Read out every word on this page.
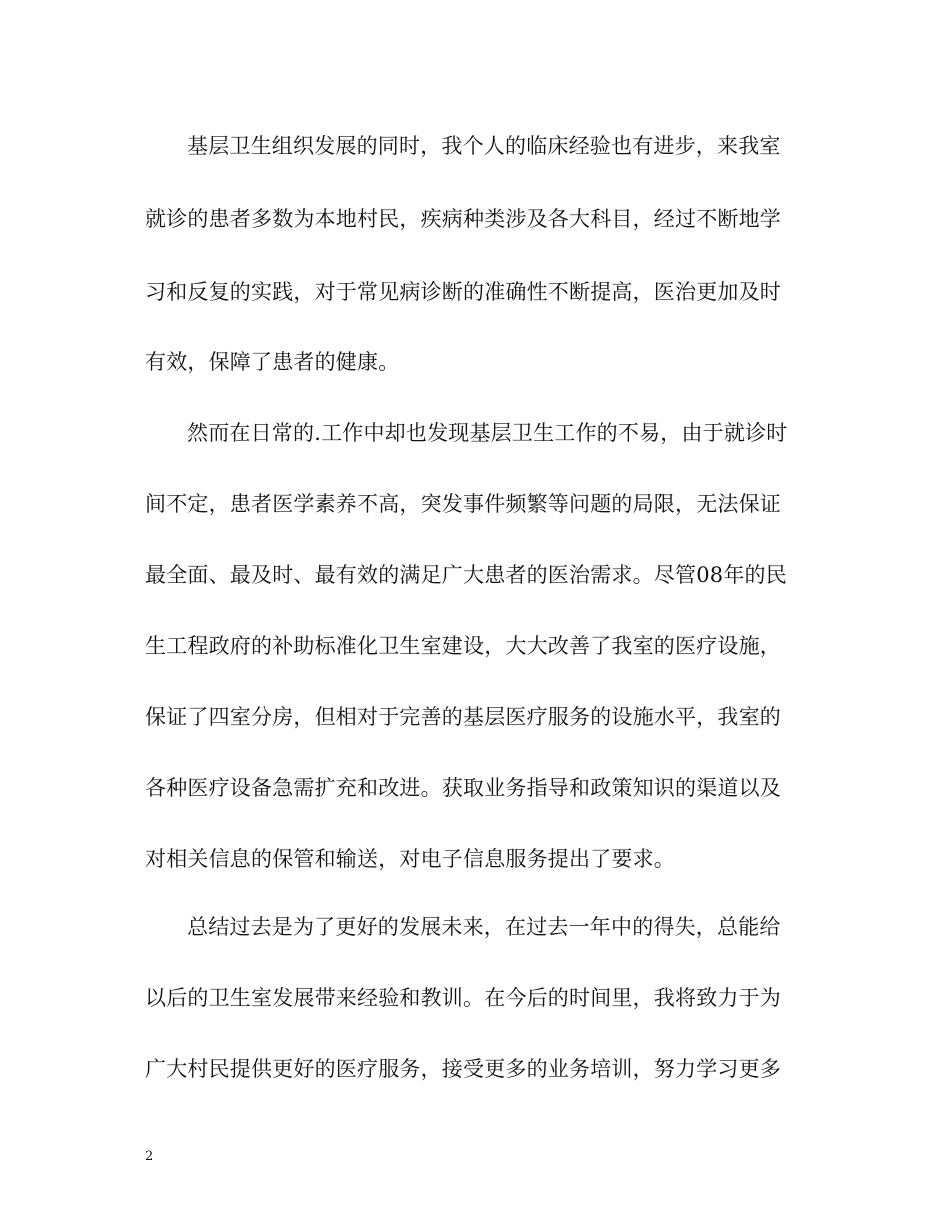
基层卫生组织发展的同时，我个人的临床经验也有进步，来我室
就诊的患者多数为本地村民，疾病种类涉及各大科目，经过不断地学
习和反复的实践，对于常见病诊断的准确性不断提高，医治更加及时
有效，保障了患者的健康。
然而在日常的.工作中却也发现基层卫生工作的不易，由于就诊时
间不定，患者医学素养不高，突发事件频繁等问题的局限，无法保证
最全面、最及时、最有效的满足广大患者的医治需求。尽管08年的民
生工程政府的补助标准化卫生室建设，大大改善了我室的医疗设施，
保证了四室分房，但相对于完善的基层医疗服务的设施水平，我室的
各种医疗设备急需扩充和改进。获取业务指导和政策知识的渠道以及
对相关信息的保管和输送，对电子信息服务提出了要求。
总结过去是为了更好的发展未来，在过去一年中的得失，总能给
以后的卫生室发展带来经验和教训。在今后的时间里，我将致力于为
广大村民提供更好的医疗服务，接受更多的业务培训，努力学习更多
2
